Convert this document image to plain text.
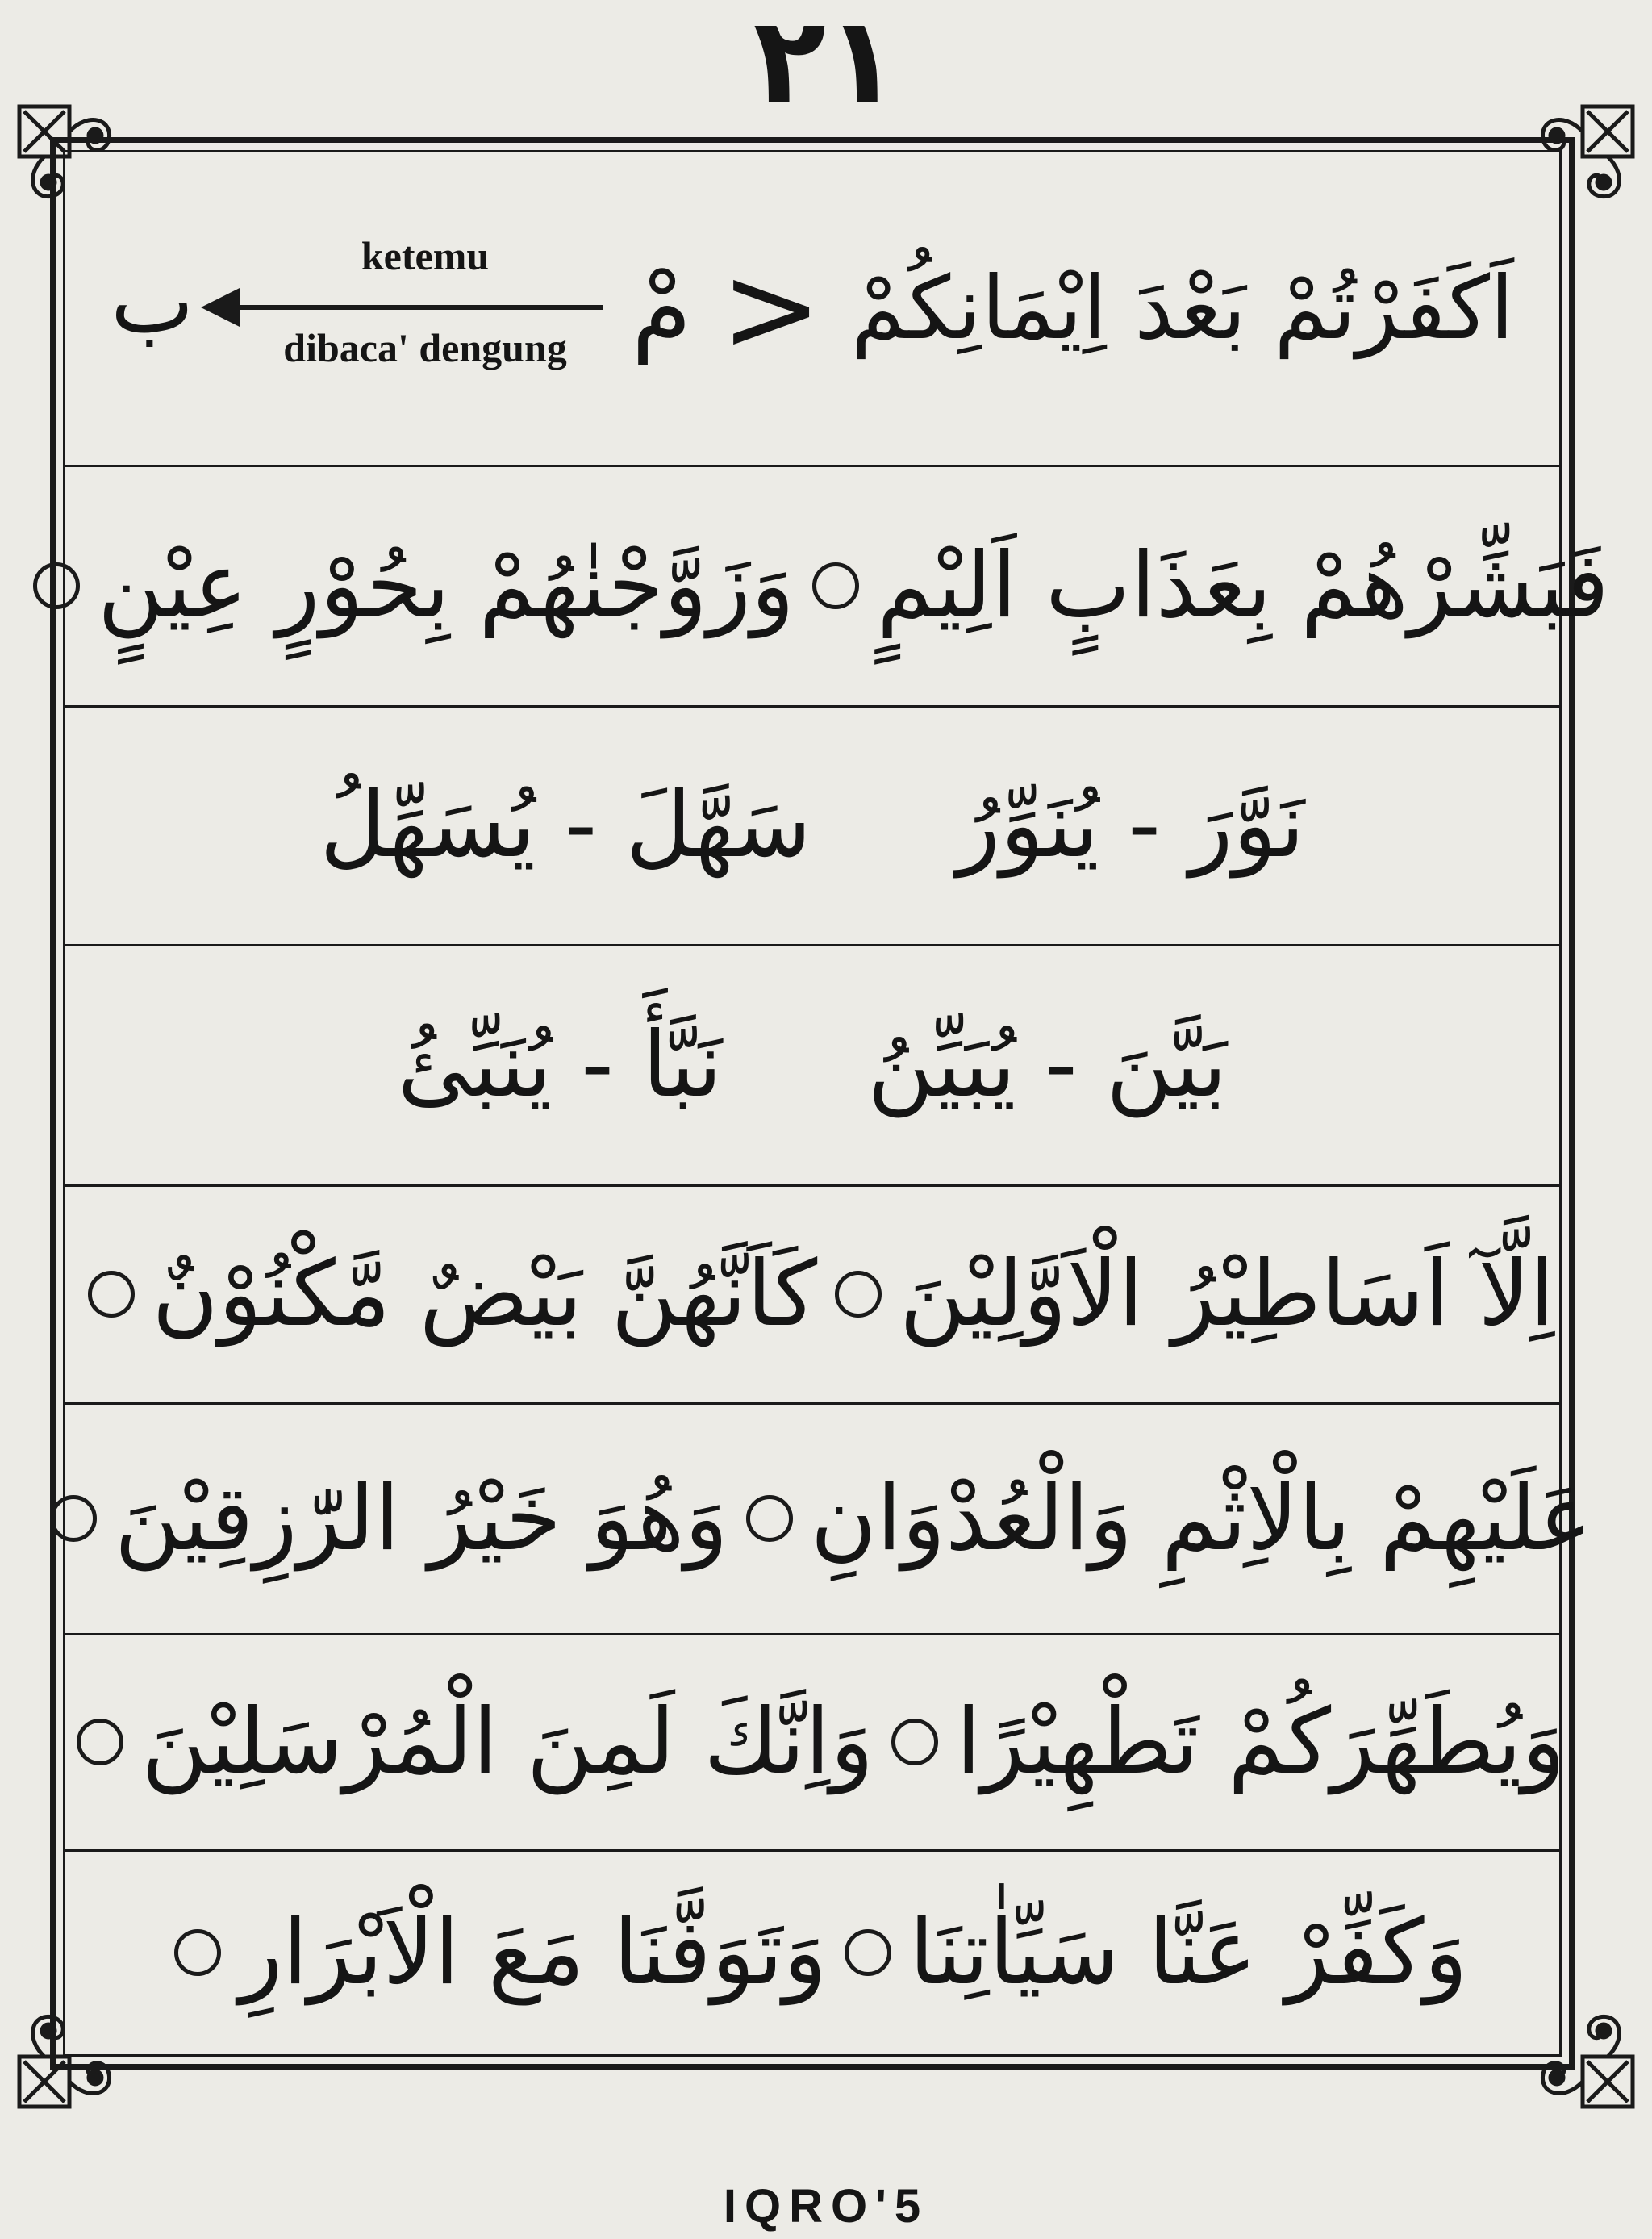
٢١
اَكَفَرْتُمْ بَعْدَ اِيْمَانِكُمْ
<
مْ
ketemu
ب	dibaca' dengung
فَبَشِّرْهُمْ بِعَذَابٍ اَلِيْمٍ
وَزَوَّجْنٰهُمْ بِحُوْرٍ عِيْنٍ
نَوَّرَ - يُنَوِّرُ
سَهَّلَ - يُسَهِّلُ
بَيَّنَ - يُبَيِّنُ
نَبَّأَ - يُنَبِّئُ
اِلَّآ اَسَاطِيْرُ الْاَوَّلِيْنَ
كَاَنَّهُنَّ بَيْضٌ مَّكْنُوْنٌ
عَلَيْهِمْ بِالْاِثْمِ وَالْعُدْوَانِ
وَهُوَ خَيْرُ الرّٰزِقِيْنَ
وَيُطَهِّرَكُمْ تَطْهِيْرًا
وَاِنَّكَ لَمِنَ الْمُرْسَلِيْنَ
وَكَفِّرْ عَنَّا سَيِّاٰتِنَا
وَتَوَفَّنَا مَعَ الْاَبْرَارِ
IQRO'5
